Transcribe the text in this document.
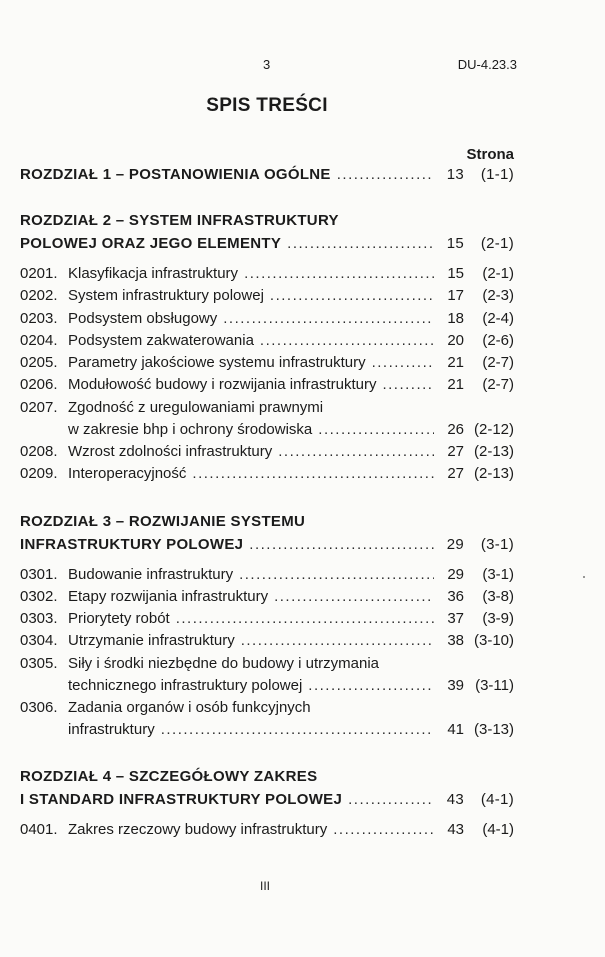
3	DU-4.23.3
SPIS TREŚCI
Strona
ROZDZIAŁ 1 – POSTANOWIENIA OGÓLNE .....	13	(1-1)
ROZDZIAŁ 2 – SYSTEM INFRASTRUKTURY
POLOWEJ ORAZ JEGO ELEMENTY .....	15	(2-1)
0201. Klasyfikacja infrastruktury .....	15	(2-1)
0202. System infrastruktury polowej .....	17	(2-3)
0203. Podsystem obsługowy .....	18	(2-4)
0204. Podsystem zakwaterowania .....	20	(2-6)
0205. Parametry jakościowe systemu infrastruktury .....	21	(2-7)
0206. Modułowość budowy i rozwijania infrastruktury .....	21	(2-7)
0207. Zgodność z uregulowaniami prawnymi
w zakresie bhp i ochrony środowiska .....	26 (2-12)
0208. Wzrost zdolności infrastruktury .....	27 (2-13)
0209. Interoperacyjność .....	27 (2-13)
ROZDZIAŁ 3 – ROZWIJANIE SYSTEMU
INFRASTRUKTURY POLOWEJ .....	29	(3-1)
0301. Budowanie infrastruktury .....	29	(3-1)
0302. Etapy rozwijania infrastruktury .....	36	(3-8)
0303. Priorytety robót .....	37	(3-9)
0304. Utrzymanie infrastruktury .....	38 (3-10)
0305. Siły i środki niezbędne do budowy i utrzymania
technicznego infrastruktury polowej .....	39 (3-11)
0306. Zadania organów i osób funkcyjnych
infrastruktury .....	41 (3-13)
ROZDZIAŁ 4 – SZCZEGÓŁOWY ZAKRES
I STANDARD INFRASTRUKTURY POLOWEJ .....	43	(4-1)
0401. Zakres rzeczowy budowy infrastruktury .....	43	(4-1)
III
